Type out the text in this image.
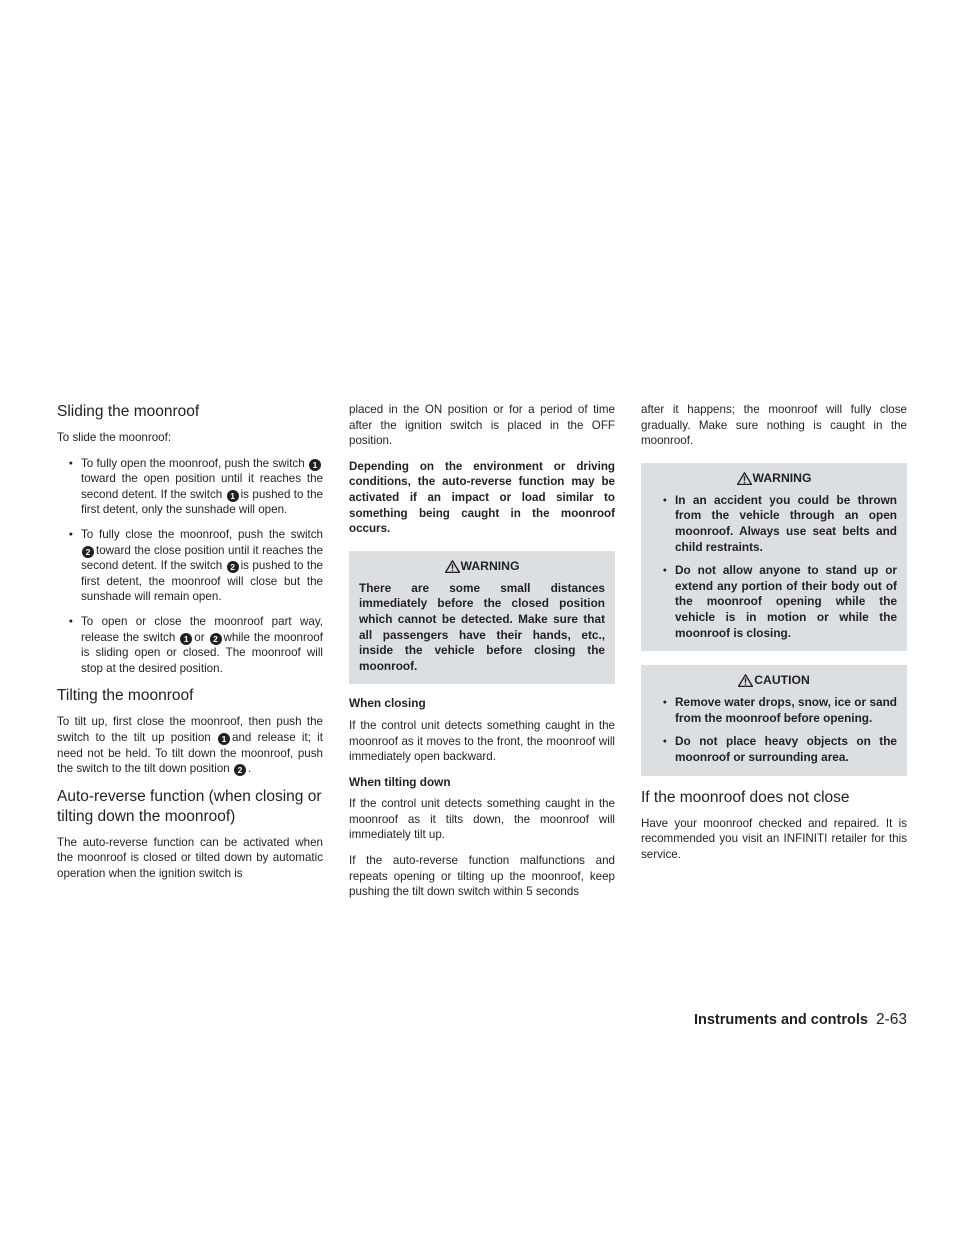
Sliding the moonroof
To slide the moonroof:
●
To fully open the moonroof, push the switch 1toward the open position until it reaches the second detent. If the switch 1 is pushed to the first detent, only the sunshade will open.
●
To fully close the moonroof, push the switch 2 toward the close position until it reaches the second detent. If the switch 2 is pushed to the first detent, the moonroof will close but the sunshade will remain open.
●
To open or close the moonroof part way, release the switch 1 or 2 while the moonroof is sliding open or closed. The moonroof will stop at the desired position.
Tilting the moonroof
To tilt up, first close the moonroof, then push the switch to the tilt up position 1 and release it; it need not be held. To tilt down the moonroof, push the switch to the tilt down position 2 .
Auto-reverse function (when closing or tilting down the moonroof)
The auto-reverse function can be activated when the moonroof is closed or tilted down by automatic operation when the ignition switch is
placed in the ON position or for a period of time after the ignition switch is placed in the OFF position.
Depending on the environment or driving conditions, the auto-reverse function may be activated if an impact or load similar to something being caught in the moonroof occurs.
WARNING
There are some small distances immediately before the closed position which cannot be detected. Make sure that all passengers have their hands, etc., inside the vehicle before closing the moonroof.
When closing
If the control unit detects something caught in the moonroof as it moves to the front, the moonroof will immediately open backward.
When tilting down
If the control unit detects something caught in the moonroof as it tilts down, the moonroof will immediately tilt up.
If the auto-reverse function malfunctions and repeats opening or tilting up the moonroof, keep pushing the tilt down switch within 5 seconds
after it happens; the moonroof will fully close gradually. Make sure nothing is caught in the moonroof.
WARNING
●
In an accident you could be thrown from the vehicle through an open moonroof. Always use seat belts and child restraints.
●
Do not allow anyone to stand up or extend any portion of their body out of the moonroof opening while the vehicle is in motion or while the moonroof is closing.
CAUTION
●
Remove water drops, snow, ice or sand from the moonroof before opening.
●
Do not place heavy objects on the moonroof or surrounding area.
If the moonroof does not close
Have your moonroof checked and repaired. It is recommended you visit an INFINITI retailer for this service.
Instruments and controls 2-63
